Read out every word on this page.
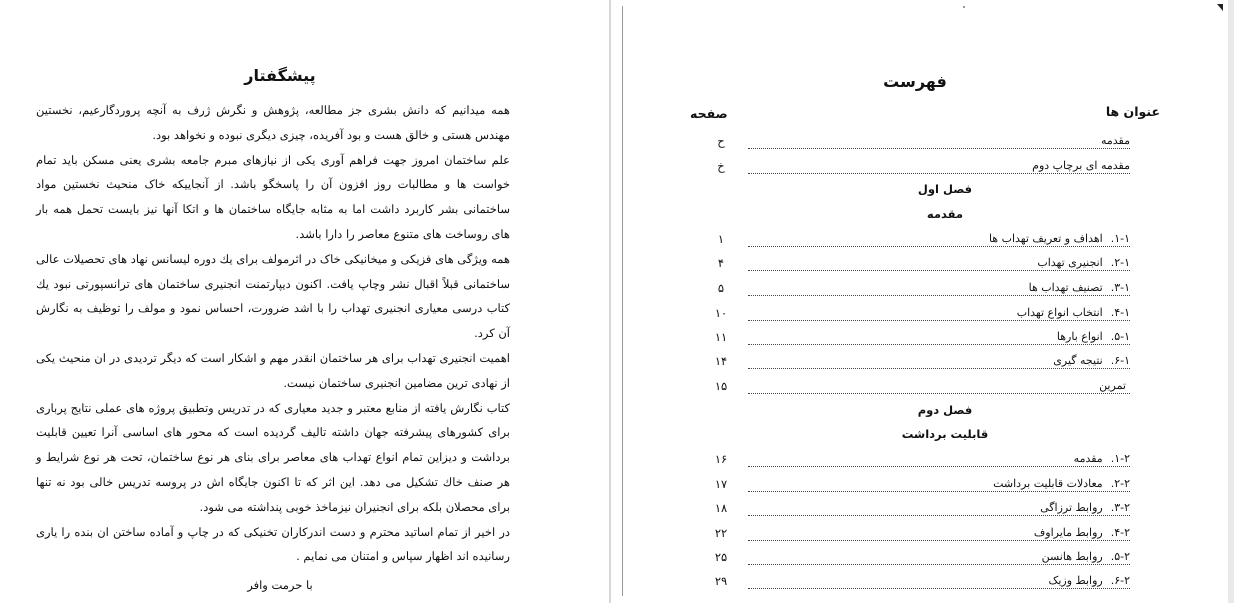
پیشگفتار

همه میدانیم که دانش بشری جز مطالعه، پژوهش و نگرش ژرف به آنچه پروردگارعیم، نخستین مهندس هستی و خالق هست و بود آفریده، چیزی دیگری نبوده و نخواهد بود.

علم ساختمان امروز جهت فراهم آوری یکی از نیازهای مبرم جامعه بشری یعنی مسکن باید تمام خواست ها و مطالبات روز افزون آن را پاسخگو باشد. از آنجاییکه خاک منحیث نخستین مواد ساختمانی بشر کاربرد داشت اما به مثابه جایگاه ساختمان ها و اتکا آنها نیز بایست تحمل همه بار های روساخت های متنوع معاصر را دارا باشد.

همه ویژگی های فزیکی و میخانیکی خاک در اثرمولف برای یك دوره لیسانس نهاد های تحصیلات عالی ساختمانی قبلاً اقبال نشر وچاپ یافت. اکنون دیپارتمنت انجنیری ساختمان های ترانسپورتی نبود یك کتاب درسی معیاری انجنیری تهداب را با اشد ضرورت، احساس نمود و مولف را توظیف به نگارش آن کرد.

اهمیت انجنیری تهداب برای هر ساختمان انقدر مهم و اشکار است که دیگر تردیدی در ان منحیث یکی از نهادی ترین مضامین انجنیری ساختمان نیست.

کتاب نگارش یافته از منابع معتبر و جدید معیاری که در تدریس وتطبیق پروژه های عملی نتایج پرباری برای کشورهای پیشرفته جهان داشته تالیف گردیده است که محور های اساسی آنرا تعیین قابلیت برداشت و دیزاین تمام انواع تهداب های معاصر برای بنای هر نوع ساختمان، تحت هر نوع شرایط و هر صنف خاك تشکیل می دهد. این اثر که تا اکنون جایگاه اش در پروسه تدریس خالی بود نه تنها برای محصلان بلکه برای انجنیران نیزماخذ خوبی پنداشته می شود.

در اخیر از تمام اساتید محترم و دست اندرکاران تخنیکی که در چاپ و آماده ساختن ان بنده را یاری رسانیده اند اظهار سپاس و امتنان می نمایم .

با حرمت وافر
فهرست
عنوان ها
صفحه
ح	مقدمه
خ	مقدمه ای برچاپ دوم
فصل اول
مقدمه
۱	۱-۱.اهداف و تعریف تهداب ها
۴	۲-۱.انجنیری تهداب
۵	۳-۱.تصنیف تهداب ها
۱۰	۴-۱.انتخاب انواع تهداب
۱۱	۵-۱.انواع بارها
۱۴	۶-۱.نتیجه گیری
۱۵	تمرین
فصل دوم
قابلیت برداشت
۱۶	۱-۲.مقدمه
۱۷	۲-۲.معادلات قابلیت برداشت
۱۸	۳-۲.روابط ترزاگی
۲۲	۴-۲.روابط مایراوف
۲۵	۵-۲.روابط هانسن
۲۹	۶-۲.روابط وزیک
